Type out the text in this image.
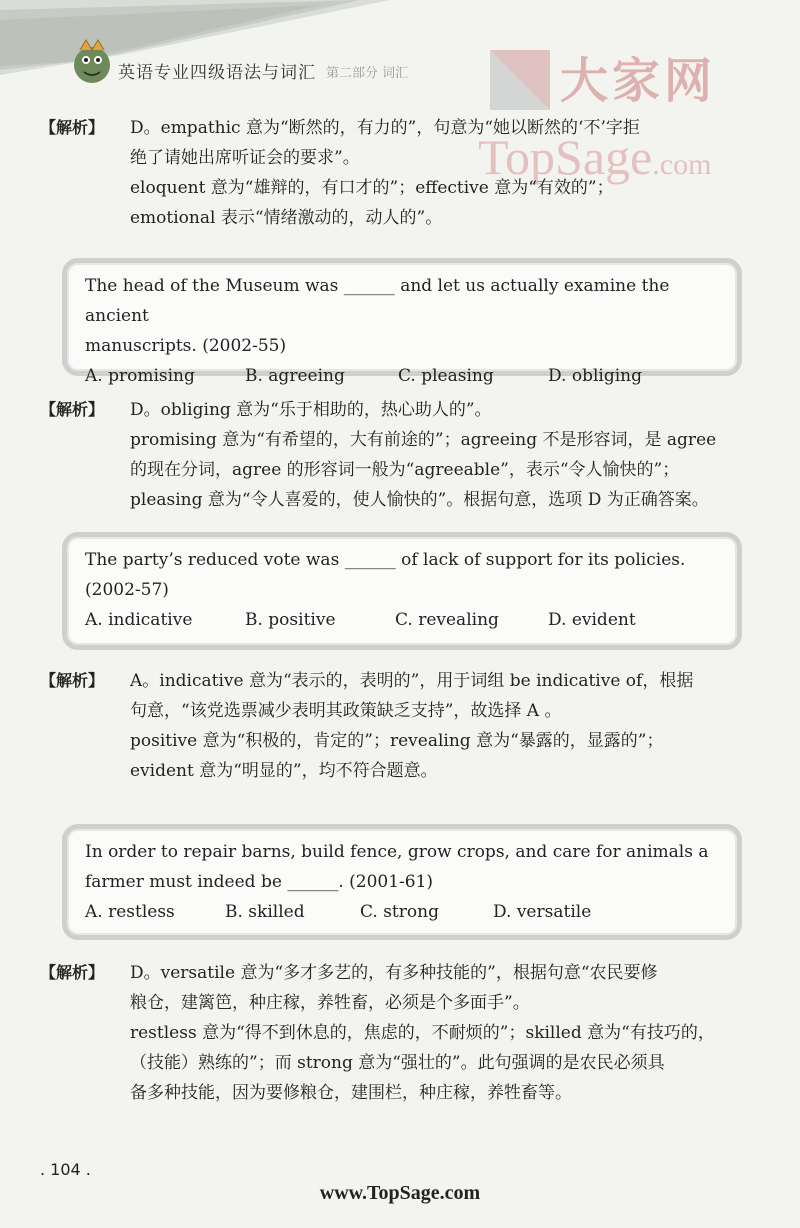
英语专业四级语法与词汇 第二部分 词汇	大家网
TopSage.com
【解析】	D。empathic 意为“断然的，有力的”，句意为“她以断然的‘不’字拒
绝了请她出席听证会的要求”。
eloquent 意为“雄辩的，有口才的”；effective 意为“有效的”；
emotional 表示“情绪激动的，动人的”。
The head of the Museum was ______ and let us actually examine the ancient
manuscripts. (2002-55)
A. promising	B. agreeing	C. pleasing	D. obliging
【解析】	D。obliging 意为“乐于相助的，热心助人的”。
promising 意为“有希望的，大有前途的”；agreeing 不是形容词，是 agree
的现在分词，agree 的形容词一般为“agreeable”，表示“令人愉快的”；
pleasing 意为“令人喜爱的，使人愉快的”。根据句意，选项 D 为正确答案。
The party’s reduced vote was ______ of lack of support for its policies.
(2002-57)
A. indicative	B. positive	C. revealing	D. evident
【解析】	A。indicative 意为“表示的，表明的”，用于词组 be indicative of，根据
句意，“该党选票减少表明其政策缺乏支持”，故选择 A 。
positive 意为“积极的，肯定的”；revealing 意为“暴露的，显露的”；
evident 意为“明显的”，均不符合题意。
In order to repair barns, build fence, grow crops, and care for animals a
farmer must indeed be ______. (2001-61)
A. restless	B. skilled	C. strong	D. versatile
【解析】	D。versatile 意为“多才多艺的，有多种技能的”，根据句意“农民要修
粮仓，建篱笆，种庄稼，养牲畜，必须是个多面手”。
restless 意为“得不到休息的，焦虑的，不耐烦的”；skilled 意为“有技巧的，
（技能）熟练的”；而 strong 意为“强壮的”。此句强调的是农民必须具
备多种技能，因为要修粮仓，建围栏，种庄稼，养牲畜等。
. 104 .
www.TopSage.com
